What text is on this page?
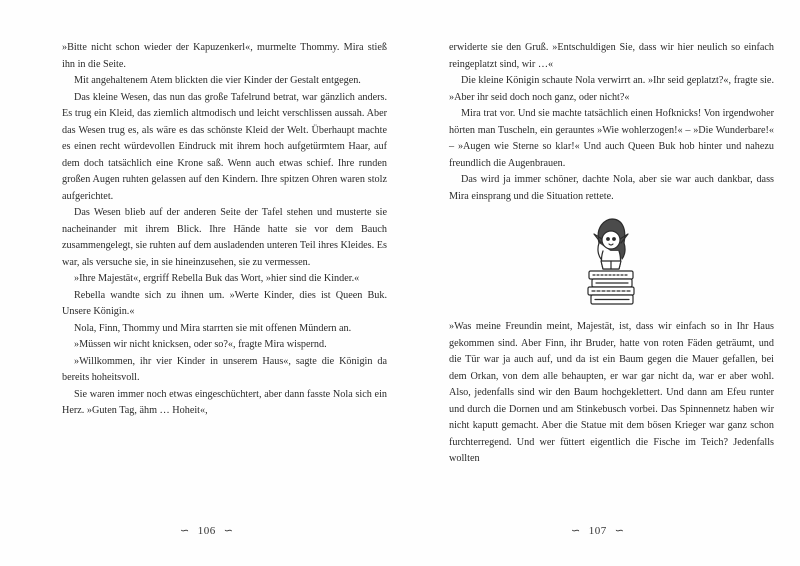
»Bitte nicht schon wieder der Kapuzenkerl«, murmelte Thommy. Mira stieß ihn in die Seite.

Mit angehaltenem Atem blickten die vier Kinder der Gestalt entgegen.

Das kleine Wesen, das nun das große Tafelrund betrat, war gänzlich anders. Es trug ein Kleid, das ziemlich altmodisch und leicht verschlissen aussah. Aber das Wesen trug es, als wäre es das schönste Kleid der Welt. Überhaupt machte es einen recht würdevollen Eindruck mit ihrem hoch aufgetürmtem Haar, auf dem doch tatsächlich eine Krone saß. Wenn auch etwas schief. Ihre runden großen Augen ruhten gelassen auf den Kindern. Ihre spitzen Ohren waren stolz aufgerichtet.

Das Wesen blieb auf der anderen Seite der Tafel stehen und musterte sie nacheinander mit ihrem Blick. Ihre Hände hatte sie vor dem Bauch zusammengelegt, sie ruhten auf dem ausladenden unteren Teil ihres Kleides. Es war, als versuche sie, in sie hineinzusehen, sie zu vermessen.

»Ihre Majestät«, ergriff Rebella Buk das Wort, »hier sind die Kinder.«

Rebella wandte sich zu ihnen um. »Werte Kinder, dies ist Queen Buk. Unsere Königin.«

Nola, Finn, Thommy und Mira starrten sie mit offenen Mündern an.

»Müssen wir nicht knicksen, oder so?«, fragte Mira wispernd.

»Willkommen, ihr vier Kinder in unserem Haus«, sagte die Königin da bereits hoheitsvoll.

Sie waren immer noch etwas eingeschüchtert, aber dann fasste Nola sich ein Herz. »Guten Tag, ähm … Hoheit«,

erwiderte sie den Gruß. »Entschuldigen Sie, dass wir hier neulich so einfach reingeplatzt sind, wir …«

Die kleine Königin schaute Nola verwirrt an. »Ihr seid geplatzt?«, fragte sie. »Aber ihr seid doch noch ganz, oder nicht?«

Mira trat vor. Und sie machte tatsächlich einen Hofknicks! Von irgendwoher hörten man Tuscheln, ein gerauntes »Wie wohlerzogen!« – »Die Wunderbare!« – »Augen wie Sterne so klar!« Und auch Queen Buk hob hinter und nahezu freundlich die Augenbrauen.

Das wird ja immer schöner, dachte Nola, aber sie war auch dankbar, dass Mira einsprang und die Situation rettete.

»Was meine Freundin meint, Majestät, ist, dass wir einfach so in Ihr Haus gekommen sind. Aber Finn, ihr Bruder, hatte von roten Fäden geträumt, und die Tür war ja auch auf, und da ist ein Baum gegen die Mauer gefallen, bei dem Orkan, von dem alle behaupten, er war gar nicht da, war er aber wohl. Also, jedenfalls sind wir den Baum hochgeklettert. Und dann am Efeu runter und durch die Dornen und am Stinkebusch vorbei. Das Spinnennetz haben wir nicht kaputt gemacht. Aber die Statue mit dem bösen Krieger war ganz schon furchterregend. Und wer füttert eigentlich die Fische im Teich? Jedenfalls wollten

∽ 106 ∽	∽ 107 ∽
